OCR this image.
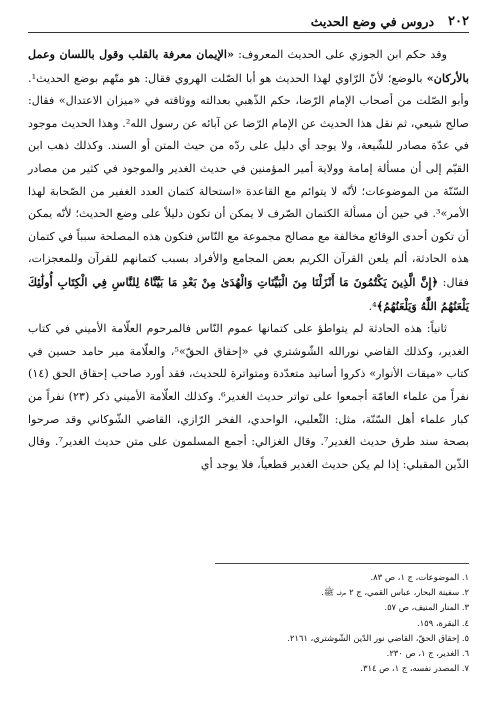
٢٠٢
دروس في وضع الحديث

وقد حكم ابن الجوزي على الحديث المعروف: «الإيمان معرفة بالقلب وقول باللسان وعمل بالأركان» بالوضع؛ لأنّ الرّاوي لهذا الحديث هو أبا الصّلت الهروي فقال: هو متّهم بوضع الحديث¹. وأبو الصّلت من أصحاب الإمام الرّضا، حكم الذّهبي بعدالته ووثاقته في «ميزان الاعتدال» فقال: صالح شيعي، ثم نقل هذا الحديث عن الإمام الرّضا عن آبائه عن رسول الله². وهذا الحديث موجود في عدّة مصادر للشّيعة، ولا يوجد أي دليل على ردّه من حيث المتن أو السند. وكذلك ذهب ابن القيّم إلى أن مسألة إمامة وولاية أمير المؤمنين في حديث الغدير والموجود في كثير من مصادر السّنّة من الموضوعات؛ لأنّه لا يتوائم مع القاعدة «استحالة كتمان العدد الغفير من الصّحابة لهذا الأمر»³. في حين أن مسألة الكتمان الصّرف لا يمكن أن تكون دليلاً على وضع الحديث؛ لأنّه يمكن أن تكون أحدى الوقائع مخالفة مع مصالح مجموعة مع النّاس فتكون هذه المصلحة سبباً في كتمان هذه الحادثة، ألم يلعن القرآن الكريم بعض المجامع والأفراد بسبب كتمانهم للقرآن وللمعجزات، فقال: ﴿إِنَّ الَّذِينَ يَكْتُمُونَ مَا أَنْزَلْنَا مِنَ الْبَيِّنَاتِ وَالْهُدَىٰ مِنْ بَعْدِ مَا بَيَّنَّاهُ لِلنَّاسِ فِي الْكِتَابِ أُولَٰئِكَ يَلْعَنُهُمُ اللَّهُ وَيَلْعَنُهُمُ﴾⁴.

ثانياً: هذه الحادثة لم يتواطؤ على كتمانها عموم النّاس فالمرحوم العلّامة الأميني في كتاب الغدير، وكذلك القاضي نورالله الشّوشتري في «إحقاق الحقّ»⁵، والعلّامة مير حامد حسين في كتاب «ميقات الأنوار» ذكروا أسانيد متعدّدة ومتواترة للحديث، فقد أورد صاحب إحقاق الحق (١٤) نفراً من علماء العامّة أجمعوا على تواتر حديث الغدير⁶. وكذلك العلّامة الأميني ذكر (٢٣) نفراً من كبار علماء أهل السّنّة، مثل: الثّعلبي، الواحدي، الفخر الرّازي، القاضي الشّوكاني وقد صرحوا بصحة سند طرق حديث الغدير⁷. وقال الغزالي: أجمع المسلمون على متن حديث الغدير⁷. وقال الذّين المقبلي: إذا لم يكن حديث الغدير قطعياً، فلا يوجد أي

١. الموضوعات، ج ١، ص ٨٣.
٢. سفينة البحار، عباس القمي، ج ٢ حرف ﷺ.
٣. المنار المنيف، ص ٥٧.
٤. البقرة، ١٥٩.
٥. إحقاق الحقّ، القاضي نور الدّين الشّوشتري، ٢١٦١.
٦. الغدير، ج ١، ص ٢٣٠.
٧. المصدر نفسه، ج ١، ص ٣١٤.
